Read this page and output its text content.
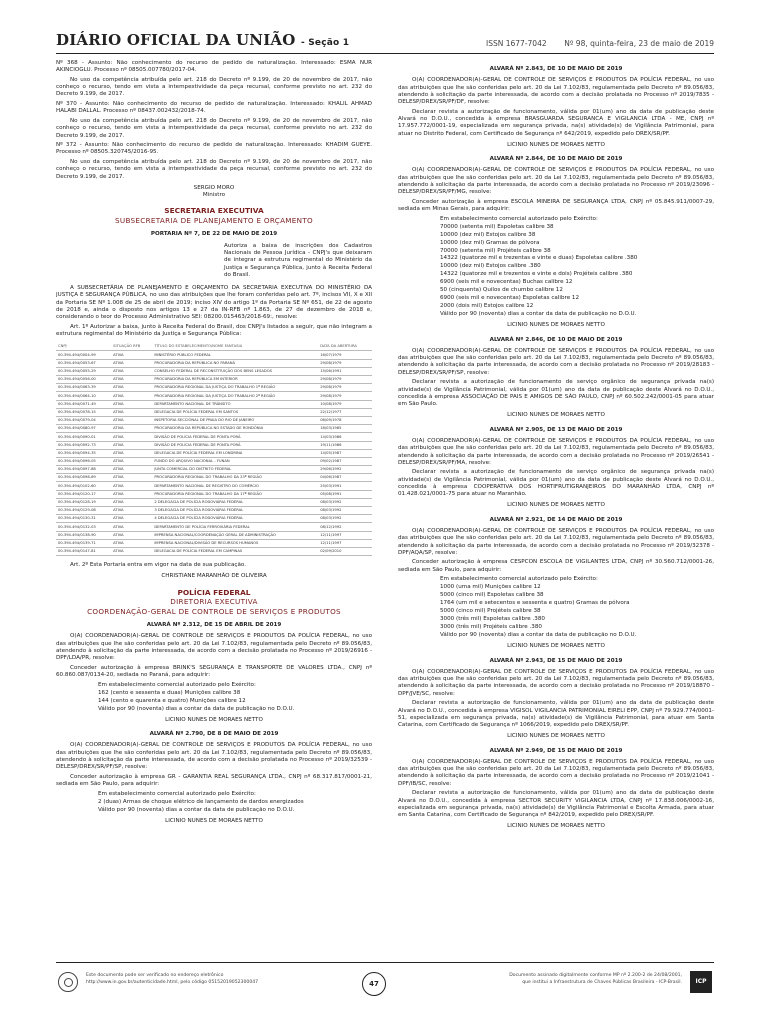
DIÁRIO OFICIAL DA UNIÃO - Seção 1	ISSN 1677-7042 Nº 98, quinta-feira, 23 de maio de 2019

Nº 368 - Assunto: Não conhecimento do recurso de pedido de naturalização. Interessado: ESMA NUR AKINCIOGLU. Processo nº 08505.007780/2017-04.

No uso da competência atribuída pelo art. 218 do Decreto nº 9.199, de 20 de novembro de 2017, não conheço o recurso, tendo em vista a intempestividade da peça recursal, conforme previsto no art. 232 do Decreto 9.199, de 2017.

Nº 370 - Assunto: Não conhecimento do recurso de pedido de naturalização. Interessado: KHALIL AHMAD HALABI DALLAL. Processo nº 08437.002432/2018-74.

No uso da competência atribuída pelo art. 218 do Decreto nº 9.199, de 20 de novembro de 2017, não conheço o recurso, tendo em vista a intempestividade da peça recursal, conforme previsto no art. 232 do Decreto 9.199, de 2017.

Nº 372 - Assunto: Não conhecimento do recurso de pedido de naturalização. Interessado: KHADIM GUEYE. Processo nº 08505.320745/2016-95.

No uso da competência atribuída pelo art. 218 do Decreto nº 9.199, de 20 de novembro de 2017, não conheço o recurso, tendo em vista a intempestividade da peça recursal, conforme previsto no art. 232 do Decreto 9.199, de 2017.

SERGIO MORO
Ministro
SECRETARIA EXECUTIVA
SUBSECRETARIA DE PLANEJAMENTO E ORÇAMENTO
PORTARIA Nº 7, DE 22 DE MAIO DE 2019

Autoriza a baixa de inscrições dos Cadastros Nacionais de Pessoa Jurídica - CNPJ's que deixaram de integrar a estrutura regimental do Ministério da Justiça e Segurança Pública, junto à Receita Federal do Brasil.

A SUBSECRETÁRIA DE PLANEJAMENTO E ORÇAMENTO DA SECRETARIA EXECUTIVA DO MINISTÉRIO DA JUSTIÇA E SEGURANÇA PÚBLICA, no uso das atribuições que lhe foram conferidas pelo art. 7º, incisos VII, X e XII da Portaria SE Nº 1.008 de 25 de abril de 2019; inciso XIV do artigo 1º da Portaria SE Nº 651, de 22 de agosto de 2018 e, ainda o disposto nos artigos 13 e 27 da IN-RFB nº 1.863, de 27 de dezembro de 2018 e, considerando o teor do Processo Administrativo SEI: 08200.015463/2018-69:, resolve:

Art. 1º Autorizar a baixa, junto à Receita Federal do Brasil, dos CNPJ's listados a seguir, que não integram a estrutura regimental do Ministério da Justiça e Segurança Pública:

CNPJ	SITUAÇÃO RFB	TÍTULO DO ESTABELECIMENTO/NOME FANTASIA	DATA DA ABERTURA
00.394.494/0004-99	ATIVA	MINISTÉRIO PÚBLICO FEDERAL	16/07/1979
00.394.494/0053-67	ATIVA	PROCURADORIA DA REPÚBLICA NO PARANÁ	29/08/1979
00.394.494/0055-29	ATIVA	CONSELHO FEDERAL DE RECONSTITUIÇÃO DOS BENS LESADOS	15/06/1991
00.394.494/0056-00	ATIVA	PROCURADORIA DA REPÚBLICA EM INTERIOR	29/08/1979
00.394.494/0063-39	ATIVA	PROCURADORIA REGIONAL DA JUSTIÇA DO TRABALHO 1ª REGIÃO	29/08/1979
00.394.494/0064-10	ATIVA	PROCURADORIA REGIONAL DA JUSTIÇA DO TRABALHO 2ª REGIÃO	29/08/1979
00.394.494/0071-49	ATIVA	DEPARTAMENTO NACIONAL DE TRÂNSITO	10/08/1979
00.394.494/0078-15	ATIVA	DELEGACIA DE POLÍCIA FEDERAL EM SANTOS	22/12/1977
00.394.494/0079-04	ATIVA	INSPETORIA SECCIONAL DE PRAIA DO RIO DE JANEIRO	06/09/1978
00.394.494/0080-97	ATIVA	PROCURADORIA DA REPÚBLICA NO ESTADO DE RONDÔNIA	18/03/1985
00.394.494/0090-01	ATIVA	DIVISÃO DE POLÍCIA FEDERAL DE PONTA PORÃ	14/03/1986
00.394.494/0092-73	ATIVA	DIVISÃO DE POLÍCIA FEDERAL DE PONTA PORÃ	19/11/1986
00.394.494/0094-35	ATIVA	DELEGACIA DE POLÍCIA FEDERAL EM LONDRINA	14/05/1987
00.394.494/0096-05	ATIVA	FUNDO DO ARQUIVO NACIONAL - FUNAN	09/02/1987
00.394.494/0097-88	ATIVA	JUNTA COMERCIAL DO DISTRITO FEDERAL	29/06/1992
00.394.494/0098-69	ATIVA	PROCURADORIA REGIONAL DO TRABALHO DA 23ª REGIÃO	04/06/1987
00.394.494/0102-60	ATIVA	DEPARTAMENTO NACIONAL DE REGISTRO DO COMÉRCIO	25/03/1991
00.394.494/0120-17	ATIVA	PROCURADORIA REGIONAL DO TRABALHO DA 17ª REGIÃO	05/08/1991
00.394.494/0128-19	ATIVA	2 DELEGACIA DE POLÍCIA RODOVIÁRIA FEDERAL	08/03/1992
00.394.494/0129-08	ATIVA	3 DELEGACIA DE POLÍCIA RODOVIÁRIA FEDERAL	08/03/1992
00.394.494/0130-31	ATIVA	4 DELEGACIA DE POLÍCIA RODOVIÁRIA FEDERAL	08/03/1992
00.394.494/0132-03	ATIVA	DEPARTAMENTO DE POLÍCIA FERROVIÁRIA FEDERAL	08/12/1992
00.394.494/0138-90	ATIVA	IMPRENSA NACIONAL/COORDENAÇÃO GERAL DE ADMINISTRAÇÃO	12/11/1997
00.394.494/0139-71	ATIVA	IMPRENSA NACIONAL/DIVISÃO DE RECURSOS HUMANOS	12/11/1997
00.394.494/0147-81	ATIVA	DELEGACIA DE POLÍCIA FEDERAL EM CAMPINAS	02/09/2010

Art. 2º Esta Portaria entra em vigor na data de sua publicação.

CHRISTIANE MARANHÃO DE OLIVEIRA
POLÍCIA FEDERAL
DIRETORIA EXECUTIVA
COORDENAÇÃO-GERAL DE CONTROLE DE SERVIÇOS E PRODUTOS
ALVARÁ Nº 2.312, DE 15 DE ABRIL DE 2019

O(A) COORDENADOR(A)-GERAL DE CONTROLE DE SERVIÇOS E PRODUTOS DA POLÍCIA FEDERAL, no uso das atribuições que lhe são conferidas pelo art. 20 da Lei 7.102/83, regulamentada pelo Decreto nº 89.056/83, atendendo à solicitação da parte interessada, de acordo com a decisão prolatada no Processo nº 2019/26916 - DPF/LDA/PR, resolve:

Conceder autorização à empresa BRINK'S SEGURANÇA E TRANSPORTE DE VALORES LTDA., CNPJ nº 60.860.087/0134-20, sediada no Paraná, para adquirir:

Em estabelecimento comercial autorizado pelo Exército:
162 (cento e sessenta e duas) Munições calibre 38
144 (cento e quarenta e quatro) Munições calibre 12
Válido por 90 (noventa) dias a contar da data de publicação no D.O.U.
LICINIO NUNES DE MORAES NETTO
ALVARÁ Nº 2.790, DE 8 DE MAIO DE 2019

O(A) COORDENADOR(A)-GERAL DE CONTROLE DE SERVIÇOS E PRODUTOS DA POLÍCIA FEDERAL, no uso das atribuições que lhe são conferidas pelo art. 20 da Lei 7.102/83, regulamentada pelo Decreto nº 89.056/83, atendendo à solicitação da parte interessada, de acordo com a decisão prolatada no Processo nº 2019/32539 - DELESP/DREX/SR/PF/SP, resolve:

Conceder autorização à empresa GR - GARANTIA REAL SEGURANÇA LTDA., CNPJ nº 68.317.817/0001-21, sediada em São Paulo, para adquirir:

Em estabelecimento comercial autorizado pelo Exército:
2 (duas) Armas de choque elétrico de lançamento de dardos energizados
Válido por 90 (noventa) dias a contar da data de publicação no D.O.U.
LICINIO NUNES DE MORAES NETTO
ALVARÁ Nº 2.843, DE 10 DE MAIO DE 2019

O(A) COORDENADOR(A)-GERAL DE CONTROLE DE SERVIÇOS E PRODUTOS DA POLÍCIA FEDERAL, no uso das atribuições que lhe são conferidas pelo art. 20 da Lei 7.102/83, regulamentada pelo Decreto nº 89.056/83, atendendo à solicitação da parte interessada, de acordo com a decisão prolatada no Processo nº 2019/7835 - DELESP/DREX/SR/PF/DF, resolve:

Declarar revista a autorização de funcionamento, válida por 01(um) ano da data de publicação deste Alvará no D.O.U., concedida à empresa BRASGUARDA SEGURANCA E VIGILANCIA LTDA - ME, CNPJ nº 17.957.772/0001-19, especializada em segurança privada, na(s) atividade(s) de Vigilância Patrimonial, para atuar no Distrito Federal, com Certificado de Segurança nº 642/2019, expedido pelo DREX/SR/PF.

LICINIO NUNES DE MORAES NETTO
ALVARÁ Nº 2.844, DE 10 DE MAIO DE 2019

O(A) COORDENADOR(A)-GERAL DE CONTROLE DE SERVIÇOS E PRODUTOS DA POLÍCIA FEDERAL, no uso das atribuições que lhe são conferidas pelo art. 20 da Lei 7.102/83, regulamentada pelo Decreto nº 89.056/83, atendendo à solicitação da parte interessada, de acordo com a decisão prolatada no Processo nº 2019/23096 - DELESP/DREX/SR/PF/MG, resolve:

Conceder autorização à empresa ESCOLA MINEIRA DE SEGURANÇA LTDA, CNPJ nº 05.845.911/0007-29, sediada em Minas Gerais, para adquirir:

Em estabelecimento comercial autorizado pelo Exército:
70000 (setenta mil) Espoletas calibre 38
10000 (dez mil) Estojos calibre 38
10000 (dez mil) Gramas de pólvora
70000 (setenta mil) Projéteis calibre 38
14322 (quatorze mil e trezentas e vinte e duas) Espoletas calibre .380
10000 (dez mil) Estojos calibre .380
14322 (quatorze mil e trezentos e vinte e dois) Projéteis calibre .380
6900 (seis mil e novecentas) Buchas calibre 12
50 (cinquenta) Quilos de chumbo calibre 12
6900 (seis mil e novecentas) Espoletas calibre 12
2000 (dois mil) Estojos calibre 12
Válido por 90 (noventa) dias a contar da data de publicação no D.O.U.
LICINIO NUNES DE MORAES NETTO
ALVARÁ Nº 2.846, DE 10 DE MAIO DE 2019

O(A) COORDENADOR(A)-GERAL DE CONTROLE DE SERVIÇOS E PRODUTOS DA POLÍCIA FEDERAL, no uso das atribuições que lhe são conferidas pelo art. 20 da Lei 7.102/83, regulamentada pelo Decreto nº 89.056/83, atendendo à solicitação da parte interessada, de acordo com a decisão prolatada no Processo nº 2019/28183 - DELESP/DREX/SR/PF/SP, resolve:

Declarar revista a autorização de funcionamento de serviço orgânico de segurança privada na(s) atividade(s) de Vigilância Patrimonial, válida por 01(um) ano da data de publicação deste Alvará no D.O.U., concedida à empresa ASSOCIAÇÃO DE PAIS E AMIGOS DE SÃO PAULO, CNPJ nº 60.502.242/0001-05 para atuar em São Paulo.

LICINIO NUNES DE MORAES NETTO
ALVARÁ Nº 2.905, DE 13 DE MAIO DE 2019

O(A) COORDENADOR(A)-GERAL DE CONTROLE DE SERVIÇOS E PRODUTOS DA POLÍCIA FEDERAL, no uso das atribuições que lhe são conferidas pelo art. 20 da Lei 7.102/83, regulamentada pelo Decreto nº 89.056/83, atendendo à solicitação da parte interessada, de acordo com a decisão prolatada no Processo nº 2019/26541 - DELESP/DREX/SR/PF/MA, resolve:

Declarar revista a autorização de funcionamento de serviço orgânico de segurança privada na(s) atividade(s) de Vigilância Patrimonial, válida por 01(um) ano da data de publicação deste Alvará no D.O.U., concedida à empresa COOPERATIVA DOS HORTIFRUTIGRANJEIROS DO MARANHÃO LTDA, CNPJ nº 01.428.021/0001-75 para atuar no Maranhão.

LICINIO NUNES DE MORAES NETTO
ALVARÁ Nº 2.921, DE 14 DE MAIO DE 2019

O(A) COORDENADOR(A)-GERAL DE CONTROLE DE SERVIÇOS E PRODUTOS DA POLÍCIA FEDERAL, no uso das atribuições que lhe são conferidas pelo art. 20 da Lei 7.102/83, regulamentada pelo Decreto nº 89.056/83, atendendo à solicitação da parte interessada, de acordo com a decisão prolatada no Processo nº 2019/32378 - DPF/AQA/SP, resolve:

Conceder autorização à empresa CESPCON ESCOLA DE VIGILANTES LTDA, CNPJ nº 30.560.712/0001-26, sediada em São Paulo, para adquirir:

Em estabelecimento comercial autorizado pelo Exército:
1000 (uma mil) Munições calibre 12
5000 (cinco mil) Espoletas calibre 38
1764 (um mil e setecentos e sessenta e quatro) Gramas de pólvora
5000 (cinco mil) Projéteis calibre 38
3000 (três mil) Espoletas calibre .380
3000 (três mil) Projéteis calibre .380
Válido por 90 (noventa) dias a contar da data de publicação no D.O.U.
LICINIO NUNES DE MORAES NETTO
ALVARÁ Nº 2.943, DE 15 DE MAIO DE 2019

O(A) COORDENADOR(A)-GERAL DE CONTROLE DE SERVIÇOS E PRODUTOS DA POLÍCIA FEDERAL, no uso das atribuições que lhe são conferidas pelo art. 20 da Lei 7.102/83, regulamentada pelo Decreto nº 89.056/83, atendendo à solicitação da parte interessada, de acordo com a decisão prolatada no Processo nº 2019/18870 - DPF/JVE/SC, resolve:

Declarar revista a autorização de funcionamento, válida por 01(um) ano da data de publicação deste Alvará no D.O.U., concedida à empresa VIGISOL VIGILANCIA PATRIMONIAL EIRELI EPP, CNPJ nº 79.929.774/0001-51, especializada em segurança privada, na(s) atividade(s) de Vigilância Patrimonial, para atuar em Santa Catarina, com Certificado de Segurança nº 1066/2019, expedido pelo DREX/SR/PF.

LICINIO NUNES DE MORAES NETTO
ALVARÁ Nº 2.949, DE 15 DE MAIO DE 2019

O(A) COORDENADOR(A)-GERAL DE CONTROLE DE SERVIÇOS E PRODUTOS DA POLÍCIA FEDERAL, no uso das atribuições que lhe são conferidas pelo art. 20 da Lei 7.102/83, regulamentada pelo Decreto nº 89.056/83, atendendo à solicitação da parte interessada, de acordo com a decisão prolatada no Processo nº 2019/21041 - DPF/IB/SC, resolve:

Declarar revista a autorização de funcionamento, válida por 01(um) ano da data de publicação deste Alvará no D.O.U., concedida à empresa SECTOR SECURITY VIGILANCIA LTDA, CNPJ nº 17.838.006/0002-16, especializada em segurança privada, na(s) atividade(s) de Vigilância Patrimonial e Escolta Armada, para atuar em Santa Catarina, com Certificado de Segurança nº 842/2019, expedido pelo DREX/SR/PF.

LICINIO NUNES DE MORAES NETTO
Este documento pode ser verificado no endereço eletrônico
http://www.in.gov.br/autenticidade.html, pelo código 05152019052300047	47
Documento assinado digitalmente conforme MP nº 2.200-2 de 24/08/2001,
que institui a Infraestrutura de Chaves Públicas Brasileira - ICP-Brasil.	ICP
